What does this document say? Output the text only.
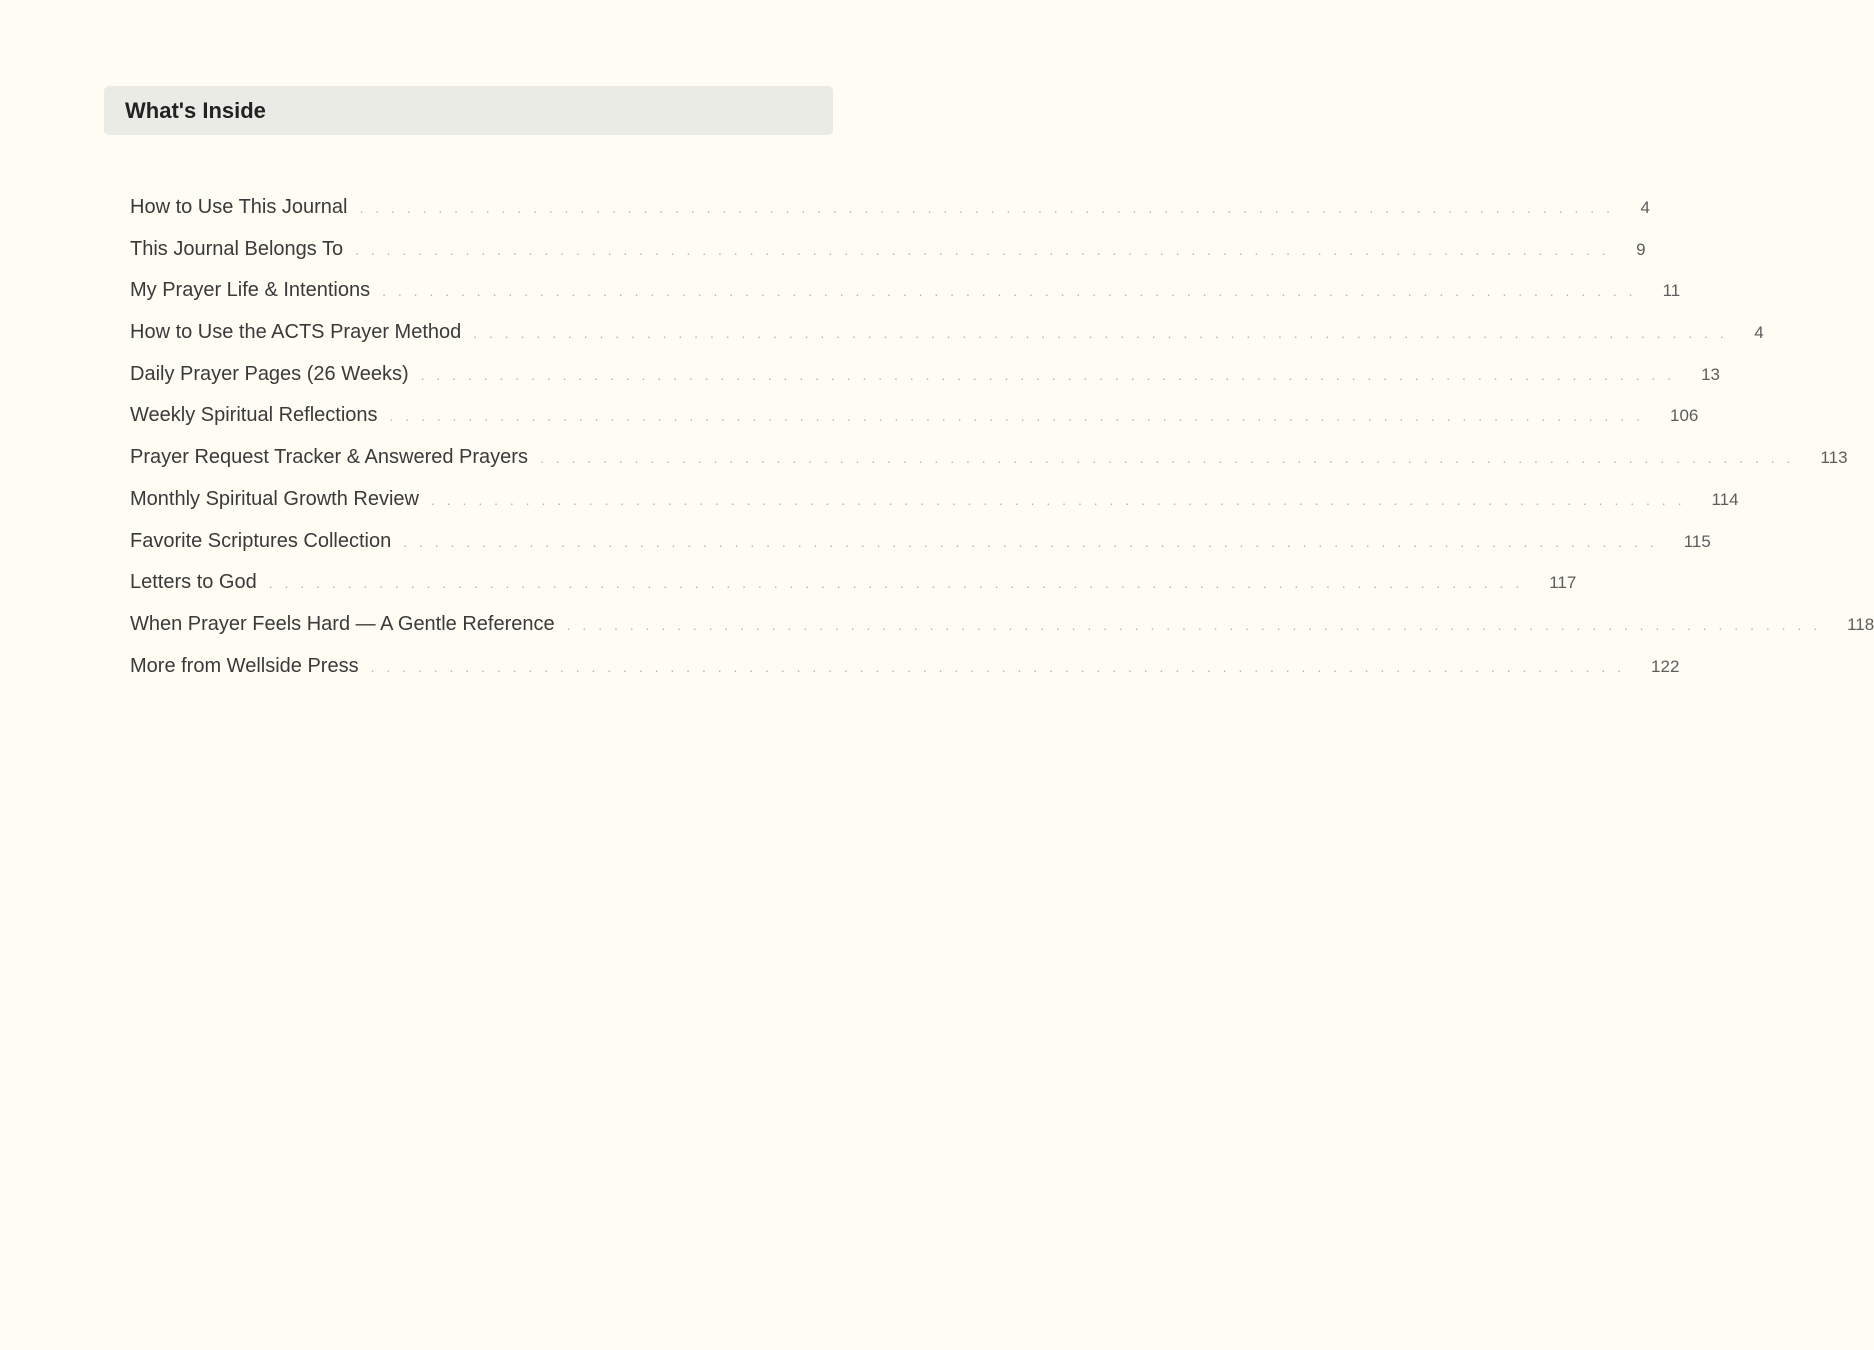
What's Inside
How to Use This Journal . . . . . . . . . . . . . . . . . . . . . . . . . . . . . . . . . . . . . . . . . . . . . . . . . . . . . . . . . . . . . . . . . . . . . . . . . . . . . . . . 4
This Journal Belongs To . . . . . . . . . . . . . . . . . . . . . . . . . . . . . . . . . . . . . . . . . . . . . . . . . . . . . . . . . . . . . . . . . . . . . . . . . . . . . . . . 9
My Prayer Life & Intentions . . . . . . . . . . . . . . . . . . . . . . . . . . . . . . . . . . . . . . . . . . . . . . . . . . . . . . . . . . . . . . . . . . . . . . . . . . . . . . . . 11
How to Use the ACTS Prayer Method . . . . . . . . . . . . . . . . . . . . . . . . . . . . . . . . . . . . . . . . . . . . . . . . . . . . . . . . . . . . . . . . . . . . . . . . . . . . . . . . 4
Daily Prayer Pages (26 Weeks) . . . . . . . . . . . . . . . . . . . . . . . . . . . . . . . . . . . . . . . . . . . . . . . . . . . . . . . . . . . . . . . . . . . . . . . . . . . . . . . . 13
Weekly Spiritual Reflections . . . . . . . . . . . . . . . . . . . . . . . . . . . . . . . . . . . . . . . . . . . . . . . . . . . . . . . . . . . . . . . . . . . . . . . . . . . . . . . . 106
Prayer Request Tracker & Answered Prayers . . . . . . . . . . . . . . . . . . . . . . . . . . . . . . . . . . . . . . . . . . . . . . . . . . . . . . . . . . . . . . . . . . . . . . . . . . . . . . . . 113
Monthly Spiritual Growth Review . . . . . . . . . . . . . . . . . . . . . . . . . . . . . . . . . . . . . . . . . . . . . . . . . . . . . . . . . . . . . . . . . . . . . . . . . . . . . . . . 114
Favorite Scriptures Collection . . . . . . . . . . . . . . . . . . . . . . . . . . . . . . . . . . . . . . . . . . . . . . . . . . . . . . . . . . . . . . . . . . . . . . . . . . . . . . . . 115
Letters to God . . . . . . . . . . . . . . . . . . . . . . . . . . . . . . . . . . . . . . . . . . . . . . . . . . . . . . . . . . . . . . . . . . . . . . . . . . . . . . . . 117
When Prayer Feels Hard — A Gentle Reference . . . . . . . . . . . . . . . . . . . . . . . . . . . . . . . . . . . . . . . . . . . . . . . . . . . . . . . . . . . . . . . . . . . . . . . . . . . . . . . . 118
More from Wellside Press . . . . . . . . . . . . . . . . . . . . . . . . . . . . . . . . . . . . . . . . . . . . . . . . . . . . . . . . . . . . . . . . . . . . . . . . . . . . . . . . 122
